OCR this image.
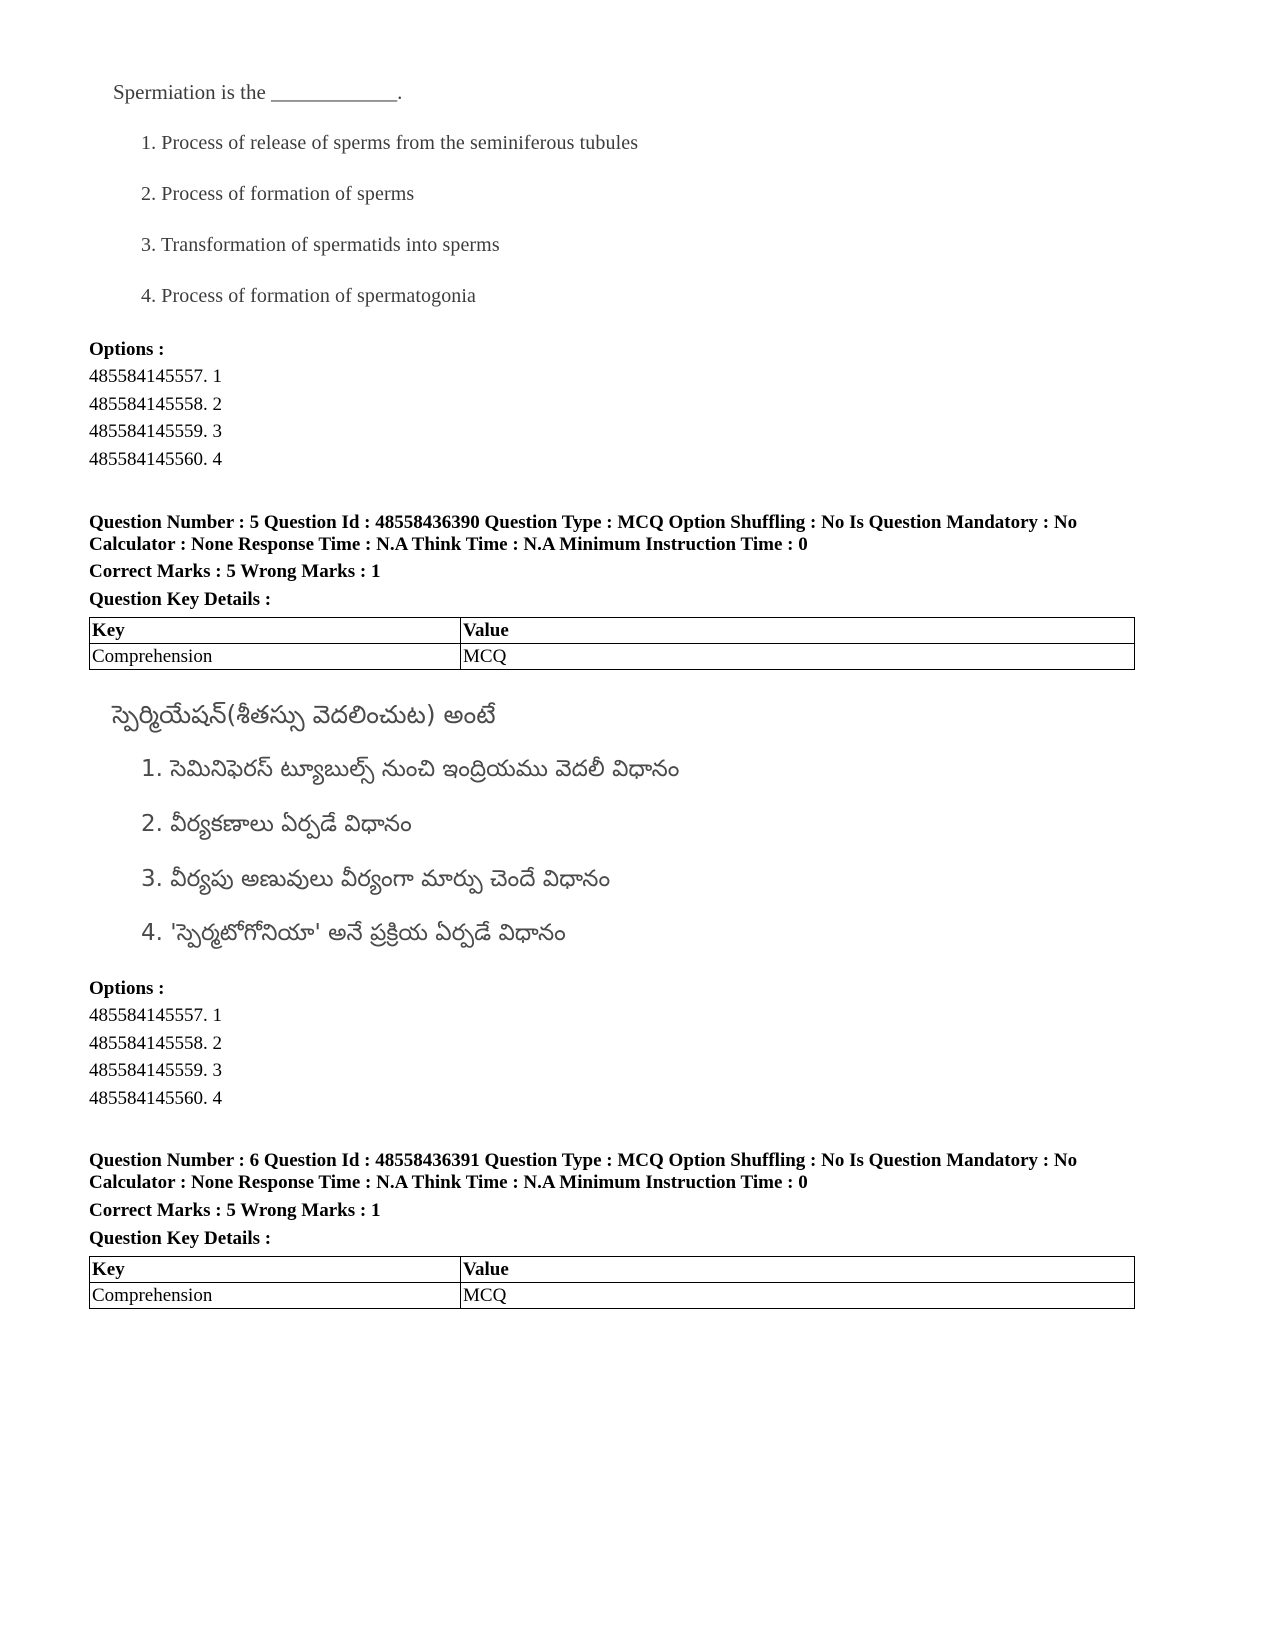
Spermiation is the ____________.
1. Process of release of sperms from the seminiferous tubules
2. Process of formation of sperms
3. Transformation of spermatids into sperms
4. Process of formation of spermatogonia
Options :
485584145557. 1
485584145558. 2
485584145559. 3
485584145560. 4
Question Number : 5 Question Id : 48558436390 Question Type : MCQ Option Shuffling : No Is Question Mandatory : No
Calculator : None Response Time : N.A Think Time : N.A Minimum Instruction Time : 0
Correct Marks : 5 Wrong Marks : 1
Question Key Details :
Key	Value
Comprehension	MCQ
స్పెర్మియేషన్(శీతస్సు వెదలించుట) అంటే
1. సెమినిఫెరస్ ట్యూబుల్స్ నుంచి ఇంద్రియము వెదలీ విధానం
2. వీర్యకణాలు ఏర్పడే విధానం
3. వీర్యపు అణువులు వీర్యంగా మార్పు చెందే విధానం
4. 'స్పెర్మటోగోనియా' అనే ప్రక్రియ ఏర్పడే విధానం
Options :
485584145557. 1
485584145558. 2
485584145559. 3
485584145560. 4
Question Number : 6 Question Id : 48558436391 Question Type : MCQ Option Shuffling : No Is Question Mandatory : No
Calculator : None Response Time : N.A Think Time : N.A Minimum Instruction Time : 0
Correct Marks : 5 Wrong Marks : 1
Question Key Details :
Key	Value
Comprehension	MCQ
